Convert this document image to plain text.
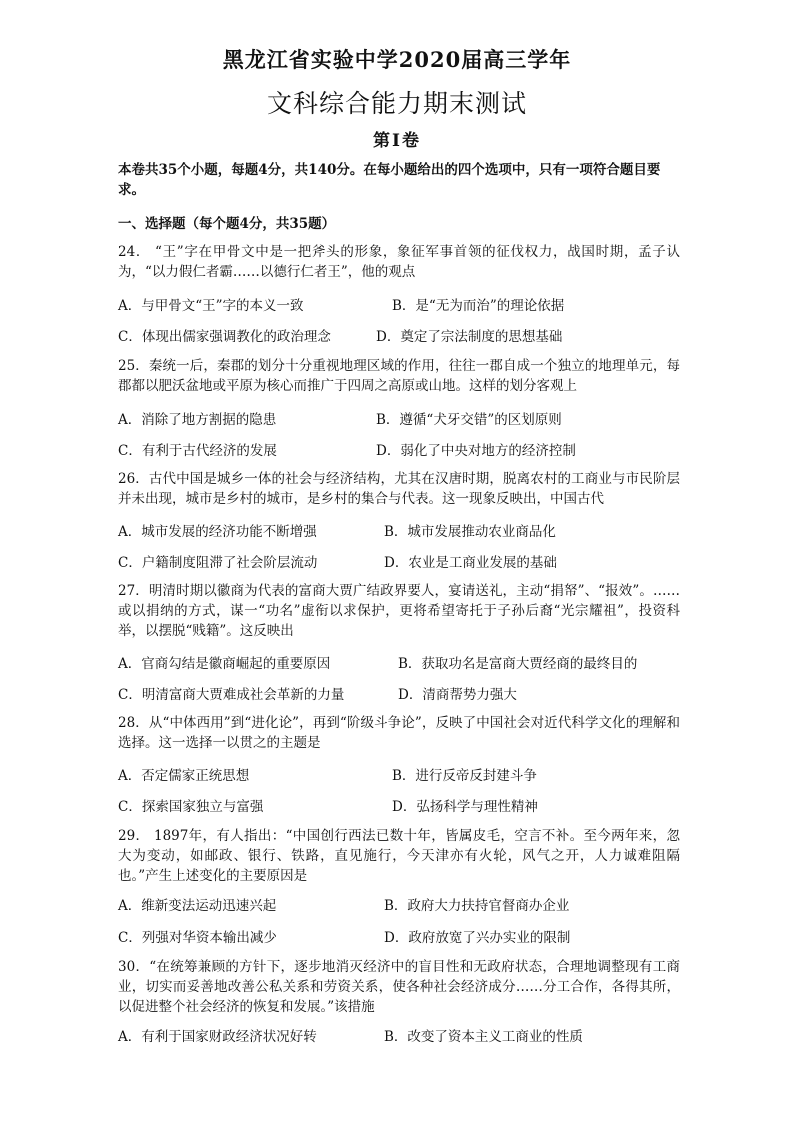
黑龙江省实验中学2020届高三学年
文科综合能力期末测试
第Ⅰ卷
本卷共35个小题，每题4分，共140分。在每小题给出的四个选项中，只有一项符合题目要求。
一、选择题（每个题4分，共35题）
24． “王”字在甲骨文中是一把斧头的形象，象征军事首领的征伐权力，战国时期，孟子认为，“以力假仁者霸……以德行仁者王”，他的观点
A．与甲骨文“王”字的本义一致	B．是“无为而治”的理论依据
C．体现出儒家强调教化的政治理念	D．奠定了宗法制度的思想基础
25．秦统一后，秦郡的划分十分重视地理区域的作用，往往一郡自成一个独立的地理单元，每郡都以肥沃盆地或平原为核心而推广于四周之高原或山地。这样的划分客观上
A．消除了地方割据的隐患	B．遵循“犬牙交错”的区划原则
C．有利于古代经济的发展	D．弱化了中央对地方的经济控制
26．古代中国是城乡一体的社会与经济结构，尤其在汉唐时期，脱离农村的工商业与市民阶层并未出现，城市是乡村的城市，是乡村的集合与代表。这一现象反映出，中国古代
A．城市发展的经济功能不断增强	B．城市发展推动农业商品化
C．户籍制度阻滞了社会阶层流动	D．农业是工商业发展的基础
27．明清时期以徽商为代表的富商大贾广结政界要人，宴请送礼，主动“捐帑”、“报效”。……或以捐纳的方式，谋一“功名”虚衔以求保护，更将希望寄托于子孙后裔“光宗耀祖”，投资科举，以摆脱“贱籍”。这反映出
A．官商勾结是徽商崛起的重要原因	B．获取功名是富商大贾经商的最终目的
C．明清富商大贾难成社会革新的力量	D．清商帮势力强大
28．从“中体西用”到“进化论”，再到“阶级斗争论”，反映了中国社会对近代科学文化的理解和选择。这一选择一以贯之的主题是
A．否定儒家正统思想	B．进行反帝反封建斗争
C．探索国家独立与富强	D．弘扬科学与理性精神
29． 1897年，有人指出：“中国创行西法已数十年，皆属皮毛，空言不补。至今两年来，忽大为变动，如邮政、银行、铁路，直见施行，今天津亦有火轮，风气之开，人力诚难阻隔也。”产生上述变化的主要原因是
A．维新变法运动迅速兴起	B．政府大力扶持官督商办企业
C．列强对华资本输出减少	D．政府放宽了兴办实业的限制
30．“在统筹兼顾的方针下，逐步地消灭经济中的盲目性和无政府状态，合理地调整现有工商业，切实而妥善地改善公私关系和劳资关系，使各种社会经济成分……分工合作，各得其所，以促进整个社会经济的恢复和发展。”该措施
A．有利于国家财政经济状况好转	B．改变了资本主义工商业的性质
